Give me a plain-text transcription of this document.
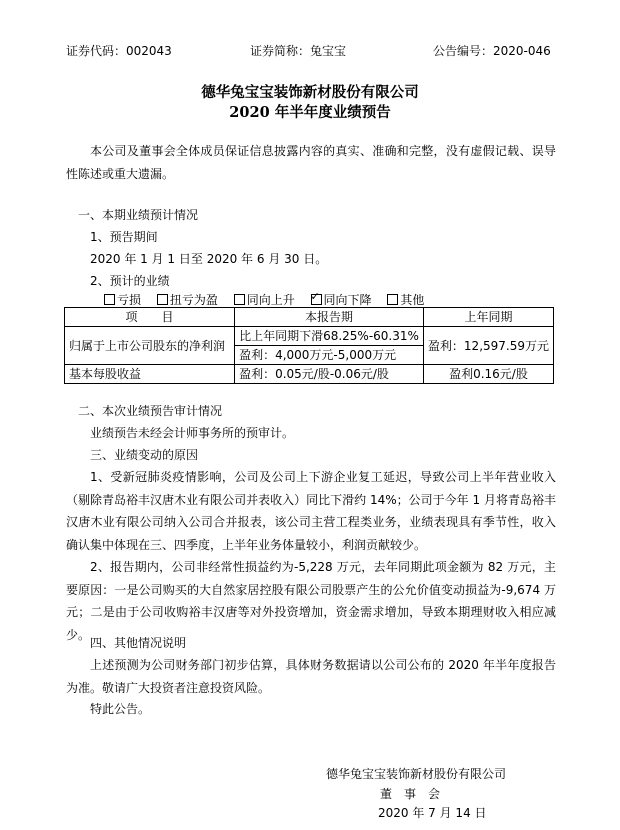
证券代码：002043	证券简称：兔宝宝	公告编号：2020-046
德华兔宝宝装饰新材股份有限公司
2020 年半年度业绩预告
本公司及董事会全体成员保证信息披露内容的真实、准确和完整，没有虚假记载、误导性陈述或重大遗漏。
一、本期业绩预计情况
1、预告期间
2020 年 1 月 1 日至 2020 年 6 月 30 日。
2、预计的业绩
亏损 扭亏为盈 同向上升 ✓ 同向下降 其他
项　　目	本报告期	上年同期
归属于上市公司股东的净利润	比上年同期下滑68.25%-60.31%	盈利：12,597.59万元
	盈利：4,000万元-5,000万元	
基本每股收益	盈利：0.05元/股-0.06元/股	盈利0.16元/股
二、本次业绩预告审计情况
业绩预告未经会计师事务所的预审计。
三、业绩变动的原因
1、受新冠肺炎疫情影响，公司及公司上下游企业复工延迟，导致公司上半年营业收入（剔除青岛裕丰汉唐木业有限公司并表收入）同比下滑约 14%；公司于今年 1 月将青岛裕丰汉唐木业有限公司纳入公司合并报表，该公司主营工程类业务，业绩表现具有季节性，收入确认集中体现在三、四季度，上半年业务体量较小，利润贡献较少。
2、报告期内，公司非经常性损益约为-5,228 万元，去年同期此项金额为 82 万元，主要原因：一是公司购买的大自然家居控股有限公司股票产生的公允价值变动损益为-9,674 万元；二是由于公司收购裕丰汉唐等对外投资增加，资金需求增加，导致本期理财收入相应减少。
四、其他情况说明
上述预测为公司财务部门初步估算，具体财务数据请以公司公布的 2020 年半年度报告为准。敬请广大投资者注意投资风险。
特此公告。
德华兔宝宝装饰新材股份有限公司
董　事　会
2020 年 7 月 14 日
